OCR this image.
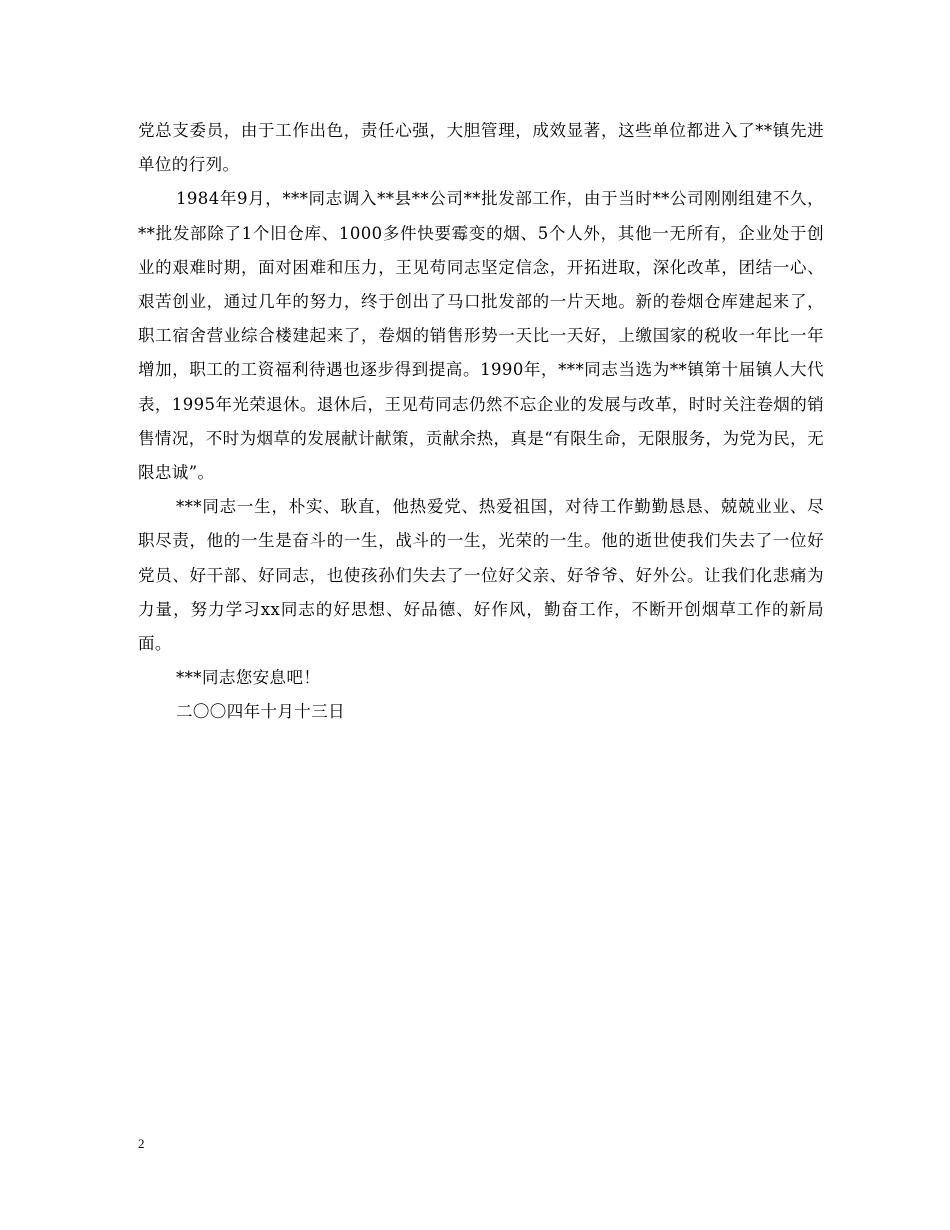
党总支委员，由于工作出色，责任心强，大胆管理，成效显著，这些单位都进入了**镇先进单位的行列。

1984年9月，***同志调入**县**公司**批发部工作，由于当时**公司刚刚组建不久，**批发部除了1个旧仓库、1000多件快要霉变的烟、5个人外，其他一无所有，企业处于创业的艰难时期，面对困难和压力，王见苟同志坚定信念，开拓进取，深化改革，团结一心、艰苦创业，通过几年的努力，终于创出了马口批发部的一片天地。新的卷烟仓库建起来了，职工宿舍营业综合楼建起来了，卷烟的销售形势一天比一天好，上缴国家的税收一年比一年增加，职工的工资福利待遇也逐步得到提高。1990年，***同志当选为**镇第十届镇人大代表，1995年光荣退休。退休后，王见苟同志仍然不忘企业的发展与改革，时时关注卷烟的销售情况，不时为烟草的发展献计献策，贡献余热，真是“有限生命，无限服务，为党为民，无限忠诚”。

***同志一生，朴实、耿直，他热爱党、热爱祖国，对待工作勤勤恳恳、兢兢业业、尽职尽责，他的一生是奋斗的一生，战斗的一生，光荣的一生。他的逝世使我们失去了一位好党员、好干部、好同志，也使孩孙们失去了一位好父亲、好爷爷、好外公。让我们化悲痛为力量，努力学习xx同志的好思想、好品德、好作风，勤奋工作，不断开创烟草工作的新局面。

***同志您安息吧！

二〇〇四年十月十三日

2
